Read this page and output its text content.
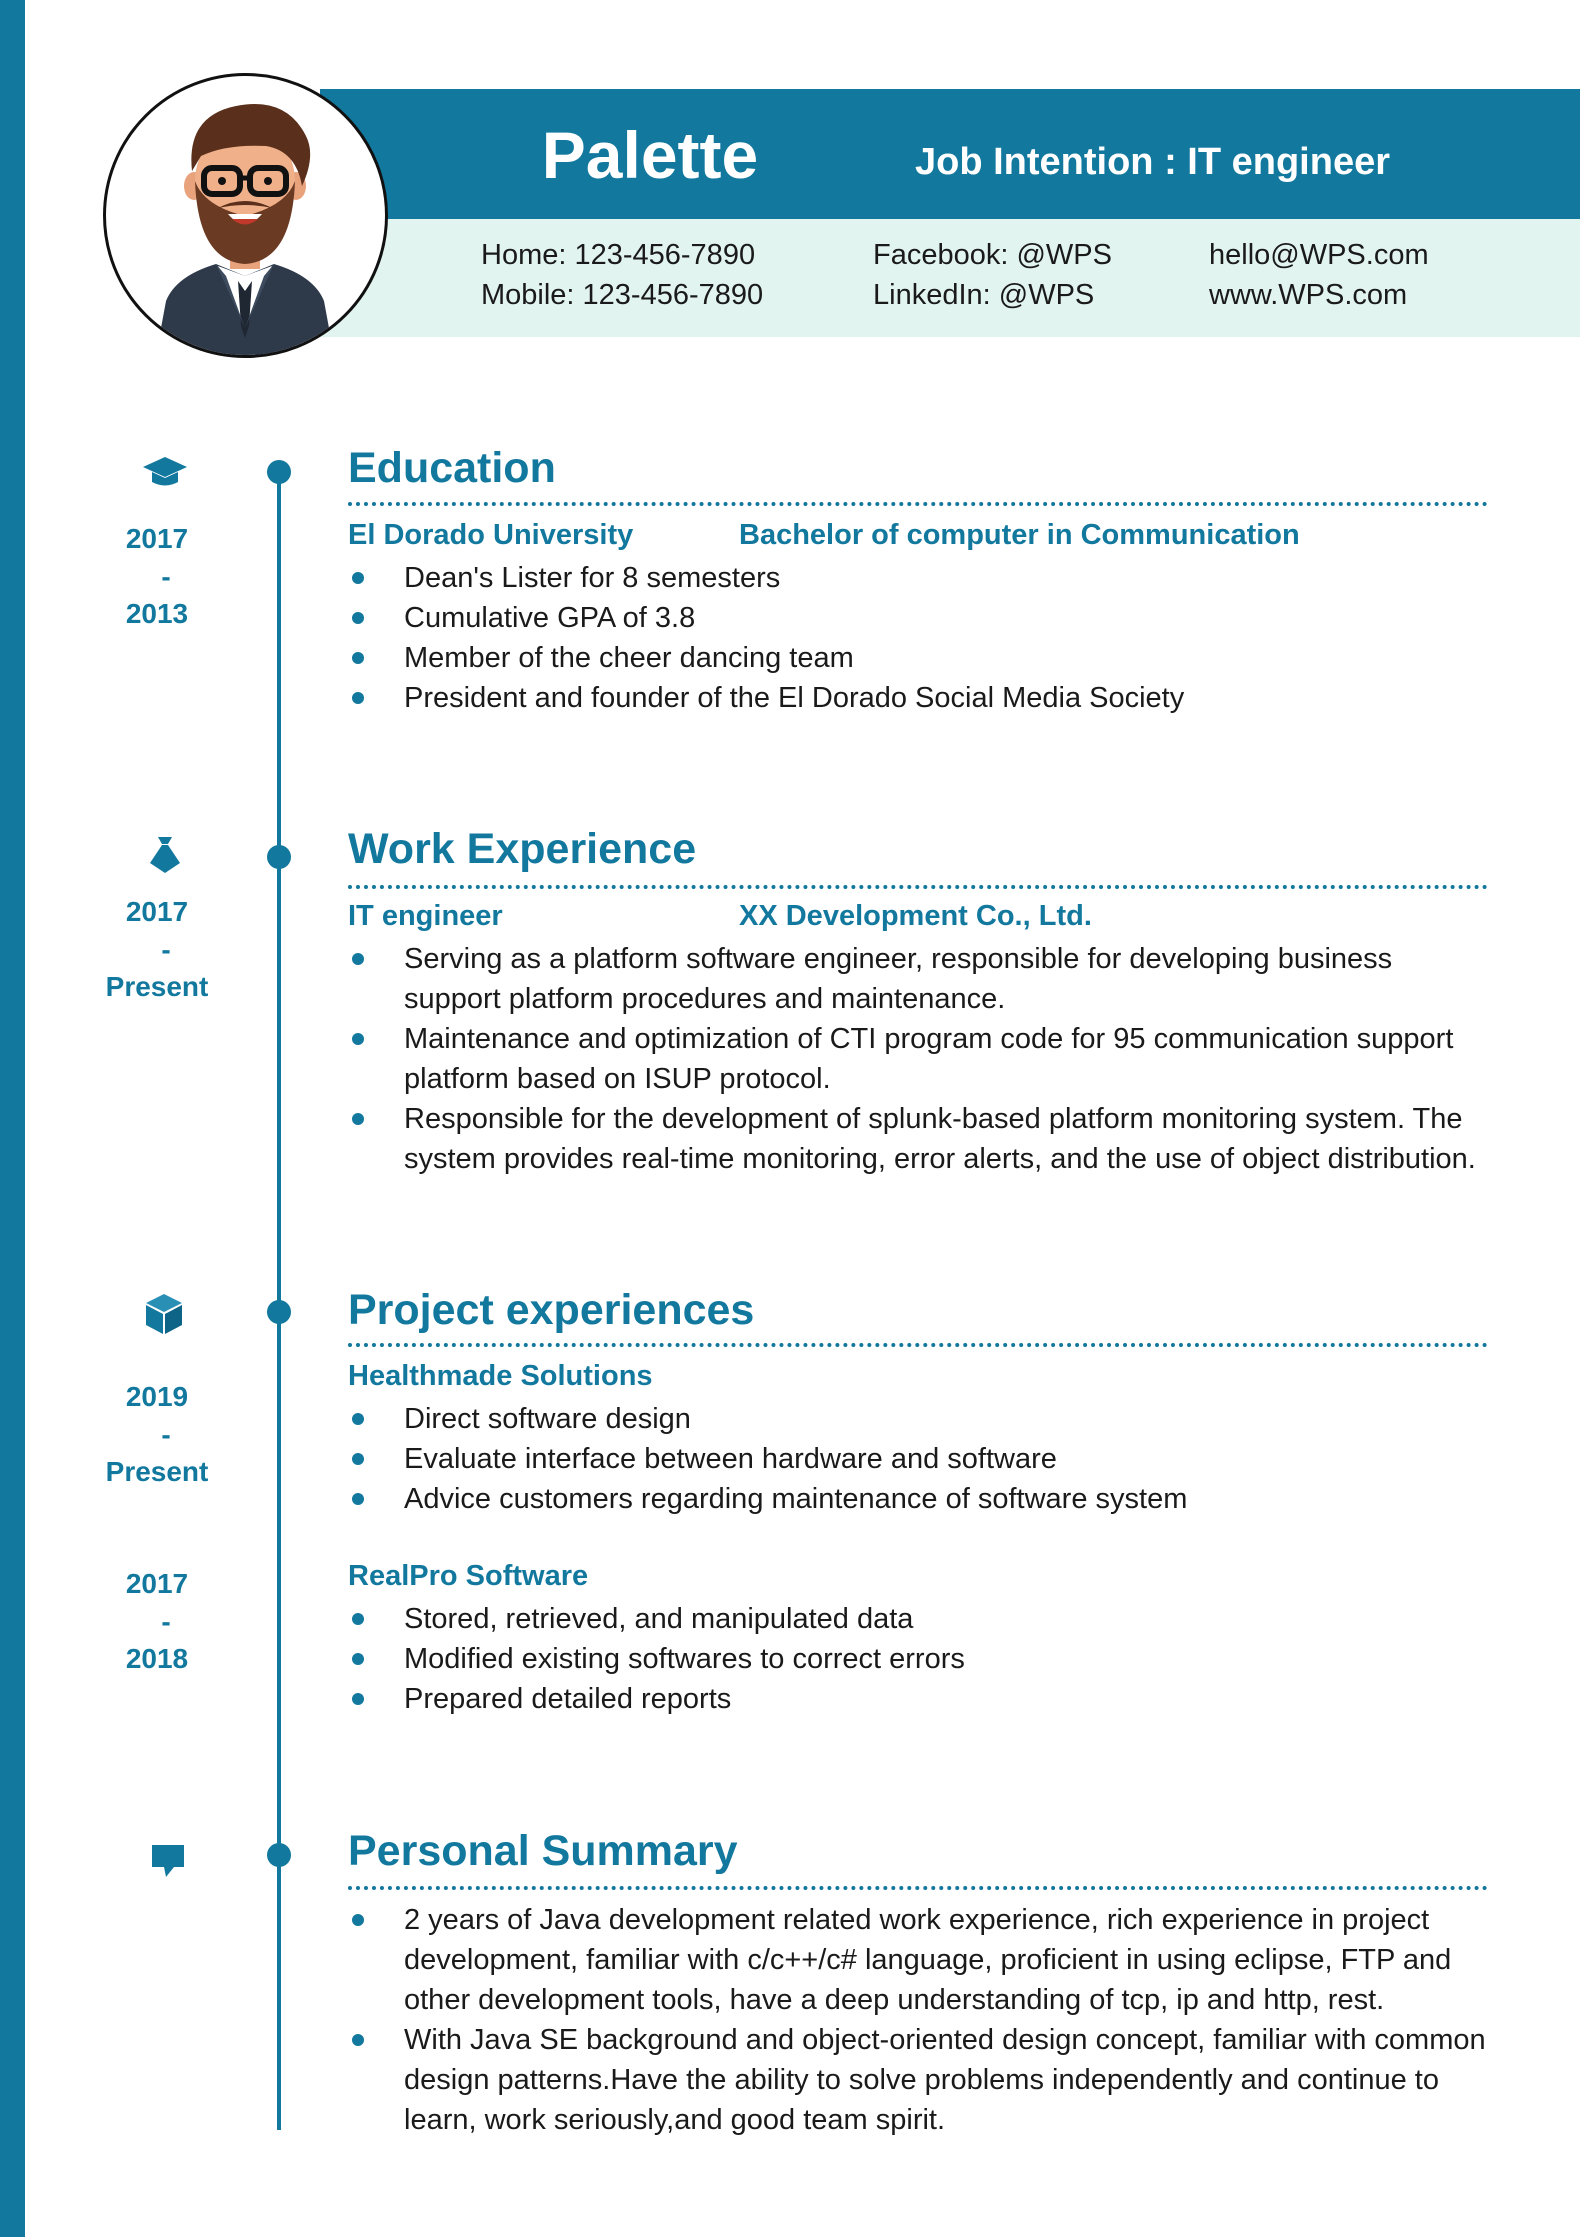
Palette	Job Intention : IT engineer
Home: 123-456-7890
Mobile: 123-456-7890
Facebook: @WPS
LinkedIn: @WPS
hello@WPS.com
www.WPS.com
2017
-
2013
Education
El Dorado University	Bachelor of computer in Communication
Dean's Lister for 8 semesters
Cumulative GPA of 3.8
Member of the cheer dancing team
President and founder of the El Dorado Social Media Society
2017
-
Present
Work Experience
IT engineer	XX Development Co., Ltd.
Serving as a platform software engineer, responsible for developing business support platform procedures and maintenance.
Maintenance and optimization of CTI program code for 95 communication support platform based on ISUP protocol.
Responsible for the development of splunk-based platform monitoring system. The system provides real-time monitoring, error alerts, and the use of object distribution.
Project experiences
2019
-
Present
Healthmade Solutions
Direct software design
Evaluate interface between hardware and software
Advice customers regarding maintenance of software system
2017
-
2018
RealPro Software
Stored, retrieved, and manipulated data
Modified existing softwares to correct errors
Prepared detailed reports
Personal Summary
2 years of Java development related work experience, rich experience in project development, familiar with c/c++/c# language, proficient in using eclipse, FTP and other development tools, have a deep understanding of tcp, ip and http, rest.
With Java SE background and object-oriented design concept, familiar with common design patterns.Have the ability to solve problems independently and continue to learn, work seriously,and good team spirit.
